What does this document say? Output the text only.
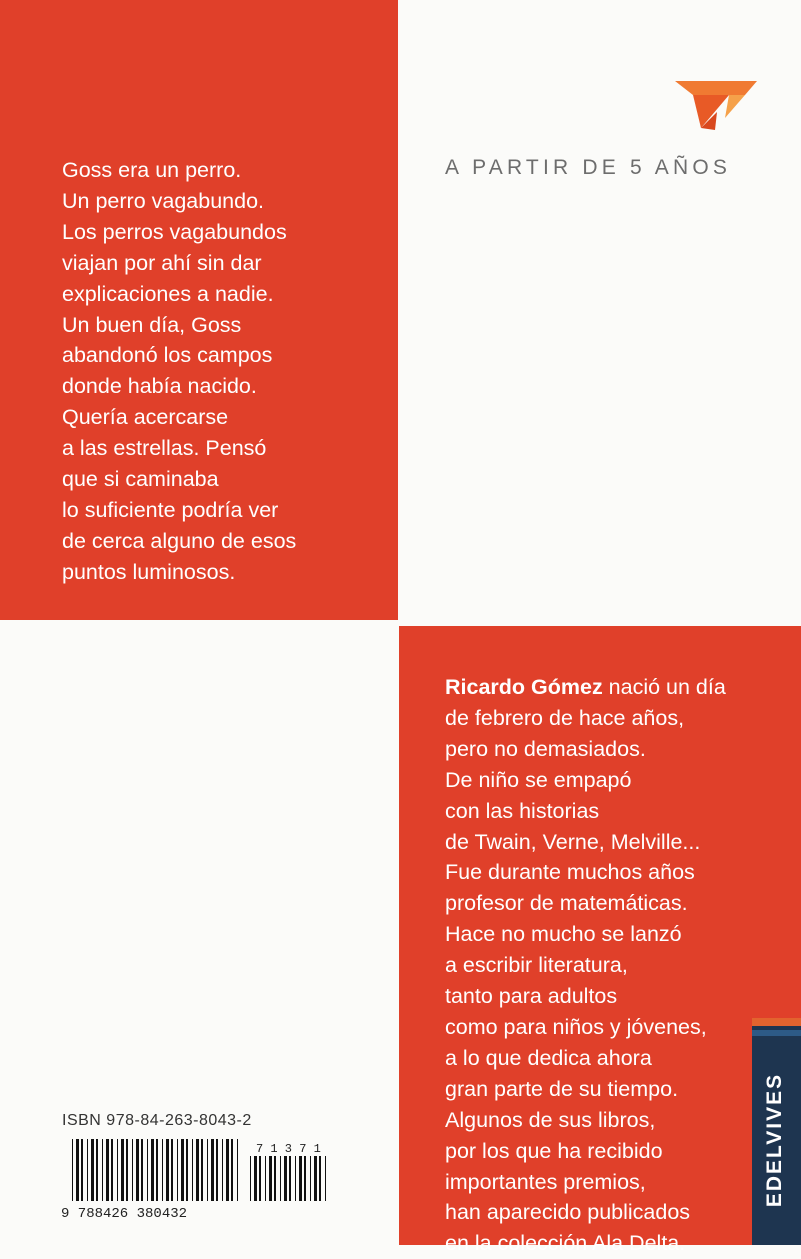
Goss era un perro.
Un perro vagabundo.
Los perros vagabundos
viajan por ahí sin dar
explicaciones a nadie.
Un buen día, Goss
abandonó los campos
donde había nacido.
Quería acercarse
a las estrellas. Pensó
que si caminaba
lo suficiente podría ver
de cerca alguno de esos
puntos luminosos.
A PARTIR DE 5 AÑOS
Ricardo Gómez nació un día
de febrero de hace años,
pero no demasiados.
De niño se empapó
con las historias
de Twain, Verne, Melville...
Fue durante muchos años
profesor de matemáticas.
Hace no mucho se lanzó
a escribir literatura,
tanto para adultos
como para niños y jóvenes,
a lo que dedica ahora
gran parte de su tiempo.
Algunos de sus libros,
por los que ha recibido
importantes premios,
han aparecido publicados
en la colección Ala Delta.
ISBN 978-84-263-8043-2
9 788426 380432
7 1 3 7 1	EDELVIVES
